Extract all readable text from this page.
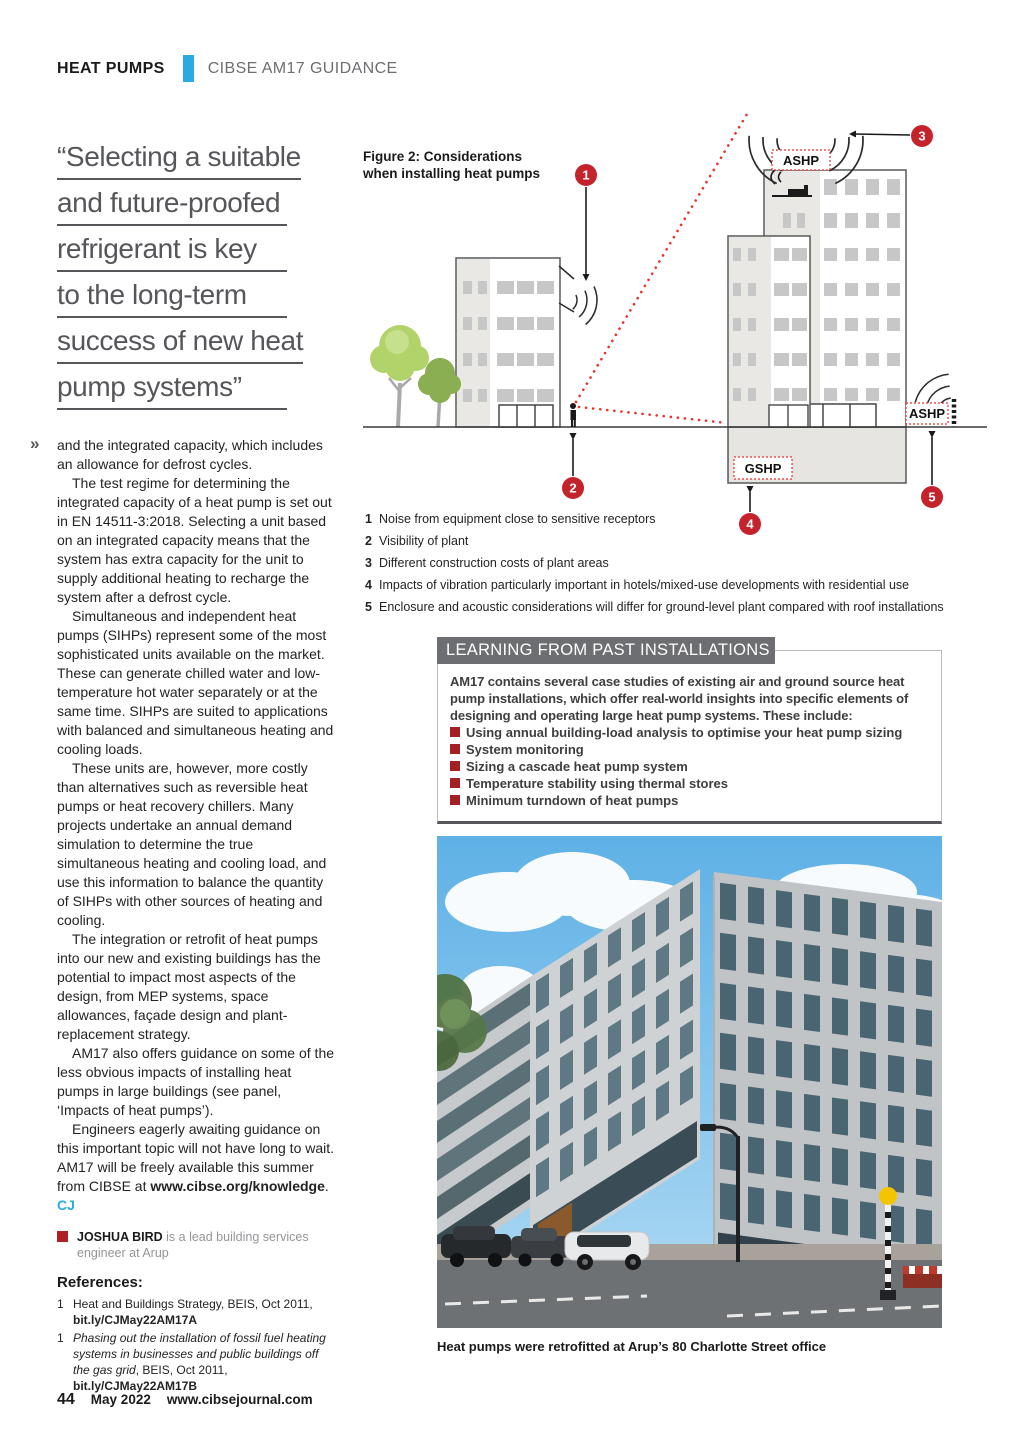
HEAT PUMPS	CIBSE AM17 GUIDANCE
“Selecting a suitable
and future-proofed
refrigerant is key
to the long-term
success of new heat
pump systems”
» and the integrated capacity, which includes an allowance for defrost cycles.

The test regime for determining the integrated capacity of a heat pump is set out in EN 14511-3:2018. Selecting a unit based on an integrated capacity means that the system has extra capacity for the unit to supply additional heating to recharge the system after a defrost cycle.

Simultaneous and independent heat pumps (SIHPs) represent some of the most sophisticated units available on the market. These can generate chilled water and low-temperature hot water separately or at the same time. SIHPs are suited to applications with balanced and simultaneous heating and cooling loads.

These units are, however, more costly than alternatives such as reversible heat pumps or heat recovery chillers. Many projects undertake an annual demand simulation to determine the true simultaneous heating and cooling load, and use this information to balance the quantity of SIHPs with other sources of heating and cooling.

The integration or retrofit of heat pumps into our new and existing buildings has the potential to impact most aspects of the design, from MEP systems, space allowances, façade design and plant-replacement strategy.

AM17 also offers guidance on some of the less obvious impacts of installing heat pumps in large buildings (see panel, ‘Impacts of heat pumps’).

Engineers eagerly awaiting guidance on this important topic will not have long to wait. AM17 will be freely available this summer from CIBSE at www.cibse.org/knowledge. CJ

JOSHUA BIRD is a lead building services engineer at Arup
References:
1 Heat and Buildings Strategy, BEIS, Oct 2011, bit.ly/CJMay22AM17A
1 Phasing out the installation of fossil fuel heating systems in businesses and public buildings off the gas grid, BEIS, Oct 2011, bit.ly/CJMay22AM17B
Figure 2: Considerations
when installing heat pumps
ASHP
ASHP
GSHP
1
2
3
4
5
1 Noise from equipment close to sensitive receptors
2 Visibility of plant
3 Different construction costs of plant areas
4 Impacts of vibration particularly important in hotels/mixed-use developments with residential use
5 Enclosure and acoustic considerations will differ for ground-level plant compared with roof installations
LEARNING FROM PAST INSTALLATIONS

AM17 contains several case studies of existing air and ground source heat pump installations, which offer real-world insights into specific elements of designing and operating large heat pump systems. These include:

Using annual building-load analysis to optimise your heat pump sizing
System monitoring
Sizing a cascade heat pump system
Temperature stability using thermal stores
Minimum turndown of heat pumps
Heat pumps were retrofitted at Arup’s 80 Charlotte Street office
44 May 2022 www.cibsejournal.com
